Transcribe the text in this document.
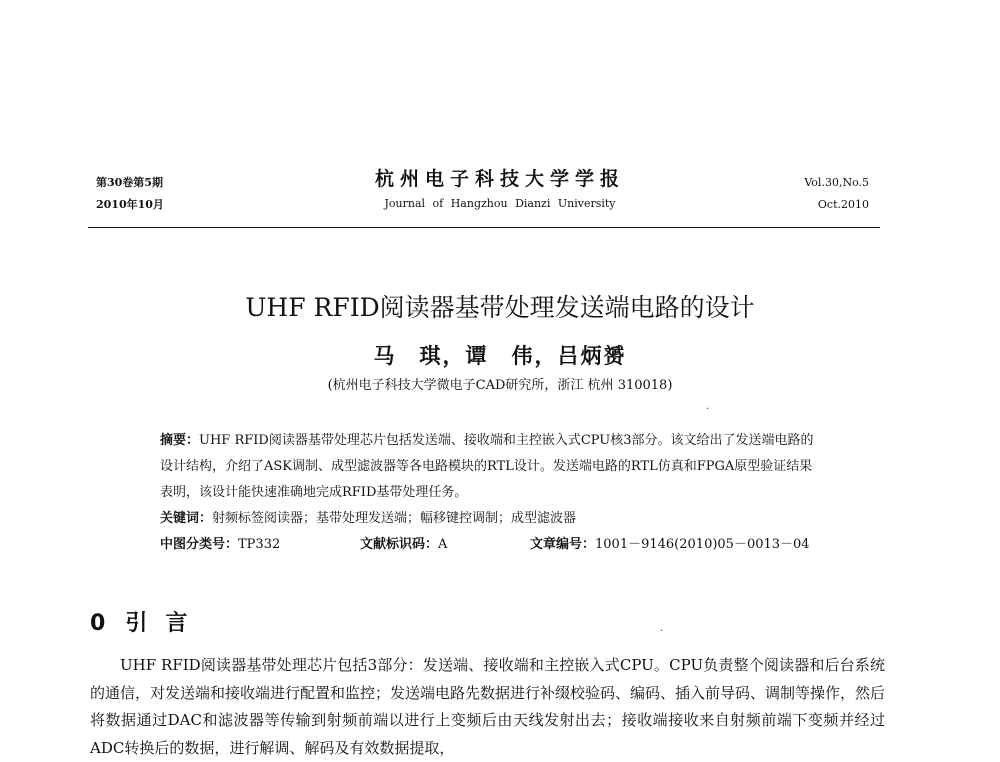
第30卷第5期
2010年10月
杭州电子科技大学学报
Journal of Hangzhou Dianzi University
Vol.30,No.5
Oct.2010
UHF RFID阅读器基带处理发送端电路的设计
马　琪，谭　伟，吕炳赟
(杭州电子科技大学微电子CAD研究所，浙江 杭州 310018)

摘要：UHF RFID阅读器基带处理芯片包括发送端、接收端和主控嵌入式CPU核3部分。该文给出了发送端电路的设计结构，介绍了ASK调制、成型滤波器等各电路模块的RTL设计。发送端电路的RTL仿真和FPGA原型验证结果表明，该设计能快速准确地完成RFID基带处理任务。

关键词：射频标签阅读器；基带处理发送端；幅移键控调制；成型滤波器

中图分类号：TP332	文献标识码：A	文章编号：1001－9146(2010)05－0013－04
0 引言

UHF RFID阅读器基带处理芯片包括3部分：发送端、接收端和主控嵌入式CPU。CPU负责整个阅读器和后台系统的通信，对发送端和接收端进行配置和监控；发送端电路先数据进行补缀校验码、编码、插入前导码、调制等操作，然后将数据通过DAC和滤波器等传输到射频前端以进行上变频后由天线发射出去；接收端接收来自射频前端下变频并经过ADC转换后的数据，进行解调、解码及有效数据提取，

·
·
